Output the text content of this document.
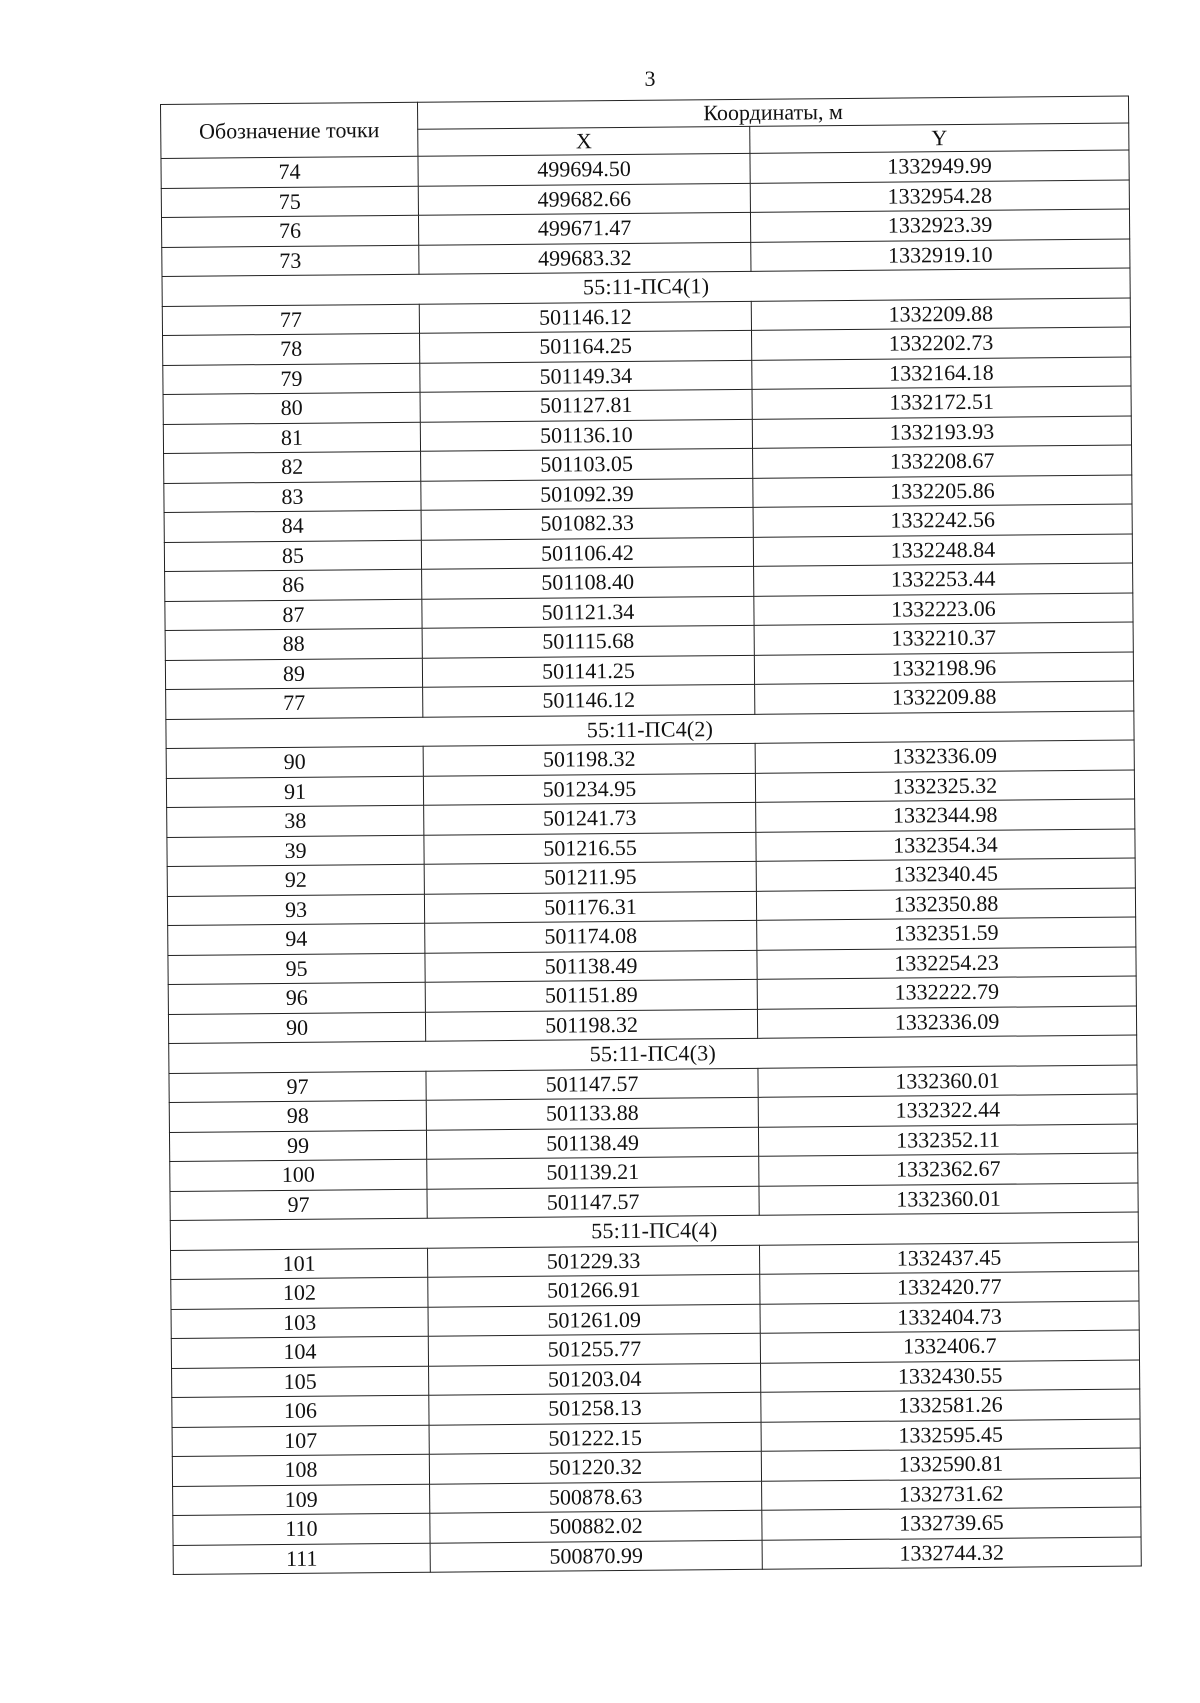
3
Обозначение точки	Координаты, м	
	X	Y
74	499694.50	1332949.99
75	499682.66	1332954.28
76	499671.47	1332923.39
73	499683.32	1332919.10
55:11-ПС4(1)		
77	501146.12	1332209.88
78	501164.25	1332202.73
79	501149.34	1332164.18
80	501127.81	1332172.51
81	501136.10	1332193.93
82	501103.05	1332208.67
83	501092.39	1332205.86
84	501082.33	1332242.56
85	501106.42	1332248.84
86	501108.40	1332253.44
87	501121.34	1332223.06
88	501115.68	1332210.37
89	501141.25	1332198.96
77	501146.12	1332209.88
55:11-ПС4(2)		
90	501198.32	1332336.09
91	501234.95	1332325.32
38	501241.73	1332344.98
39	501216.55	1332354.34
92	501211.95	1332340.45
93	501176.31	1332350.88
94	501174.08	1332351.59
95	501138.49	1332254.23
96	501151.89	1332222.79
90	501198.32	1332336.09
55:11-ПС4(3)		
97	501147.57	1332360.01
98	501133.88	1332322.44
99	501138.49	1332352.11
100	501139.21	1332362.67
97	501147.57	1332360.01
55:11-ПС4(4)		
101	501229.33	1332437.45
102	501266.91	1332420.77
103	501261.09	1332404.73
104	501255.77	1332406.7
105	501203.04	1332430.55
106	501258.13	1332581.26
107	501222.15	1332595.45
108	501220.32	1332590.81
109	500878.63	1332731.62
110	500882.02	1332739.65
111	500870.99	1332744.32
